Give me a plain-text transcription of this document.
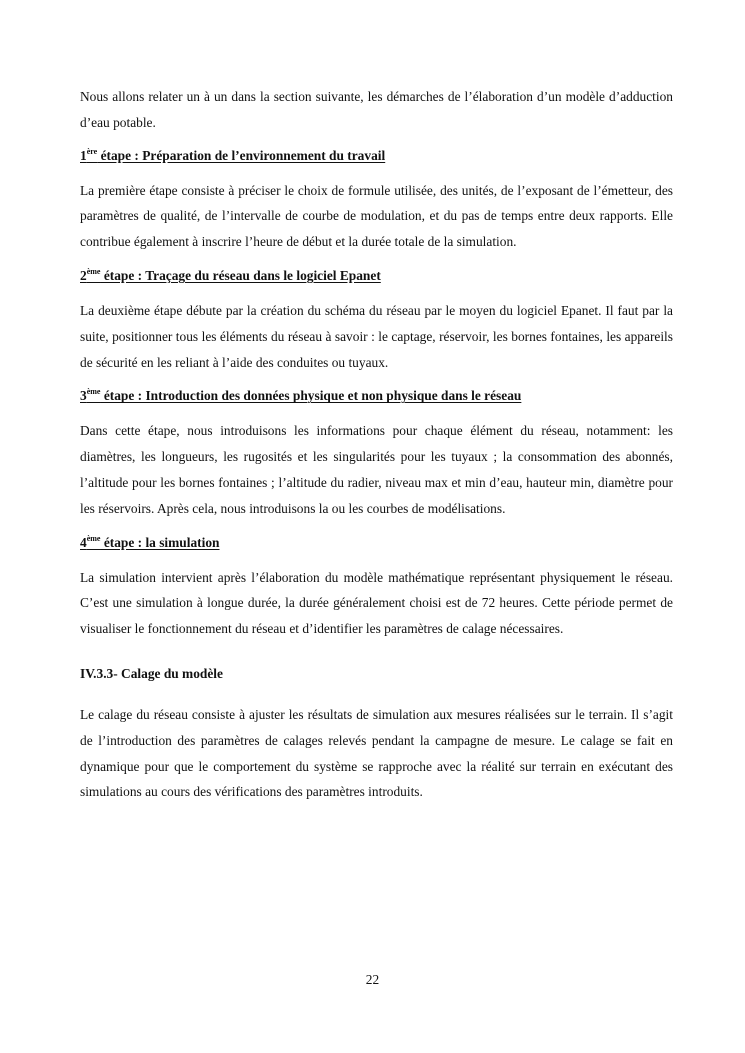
Nous allons relater un à un dans la section suivante, les démarches de l’élaboration d’un modèle d’adduction d’eau potable.

1ère étape : Préparation de l’environnement du travail

La première étape consiste à préciser le choix de formule utilisée, des unités, de l’exposant de l’émetteur, des paramètres de qualité, de l’intervalle de courbe de modulation, et du pas de temps entre deux rapports. Elle contribue également à inscrire l’heure de début et la durée totale de la simulation.

2ème étape : Traçage du réseau dans le logiciel Epanet

La deuxième étape débute par la création du schéma du réseau par le moyen du logiciel Epanet. Il faut par la suite, positionner tous les éléments du réseau à savoir : le captage, réservoir, les bornes fontaines, les appareils de sécurité en les reliant à l’aide des conduites ou tuyaux.

3ème étape : Introduction des données physique et non physique dans le réseau

Dans cette étape, nous introduisons les informations pour chaque élément du réseau, notamment: les diamètres, les longueurs, les rugosités et les singularités pour les tuyaux ; la consommation des abonnés, l’altitude pour les bornes fontaines ; l’altitude du radier, niveau max et min d’eau, hauteur min, diamètre pour les réservoirs. Après cela, nous introduisons la ou les courbes de modélisations.

4ème étape : la simulation

La simulation intervient après l’élaboration du modèle mathématique représentant physiquement le réseau. C’est une simulation à longue durée, la durée généralement choisi est de 72 heures. Cette période permet de visualiser le fonctionnement du réseau et d’identifier les paramètres de calage nécessaires.

IV.3.3- Calage du modèle

Le calage du réseau consiste à ajuster les résultats de simulation aux mesures réalisées sur le terrain. Il s’agit de l’introduction des paramètres de calages relevés pendant la campagne de mesure. Le calage se fait en dynamique pour que le comportement du système se rapproche avec la réalité sur terrain en exécutant des simulations au cours des vérifications des paramètres introduits.

22
